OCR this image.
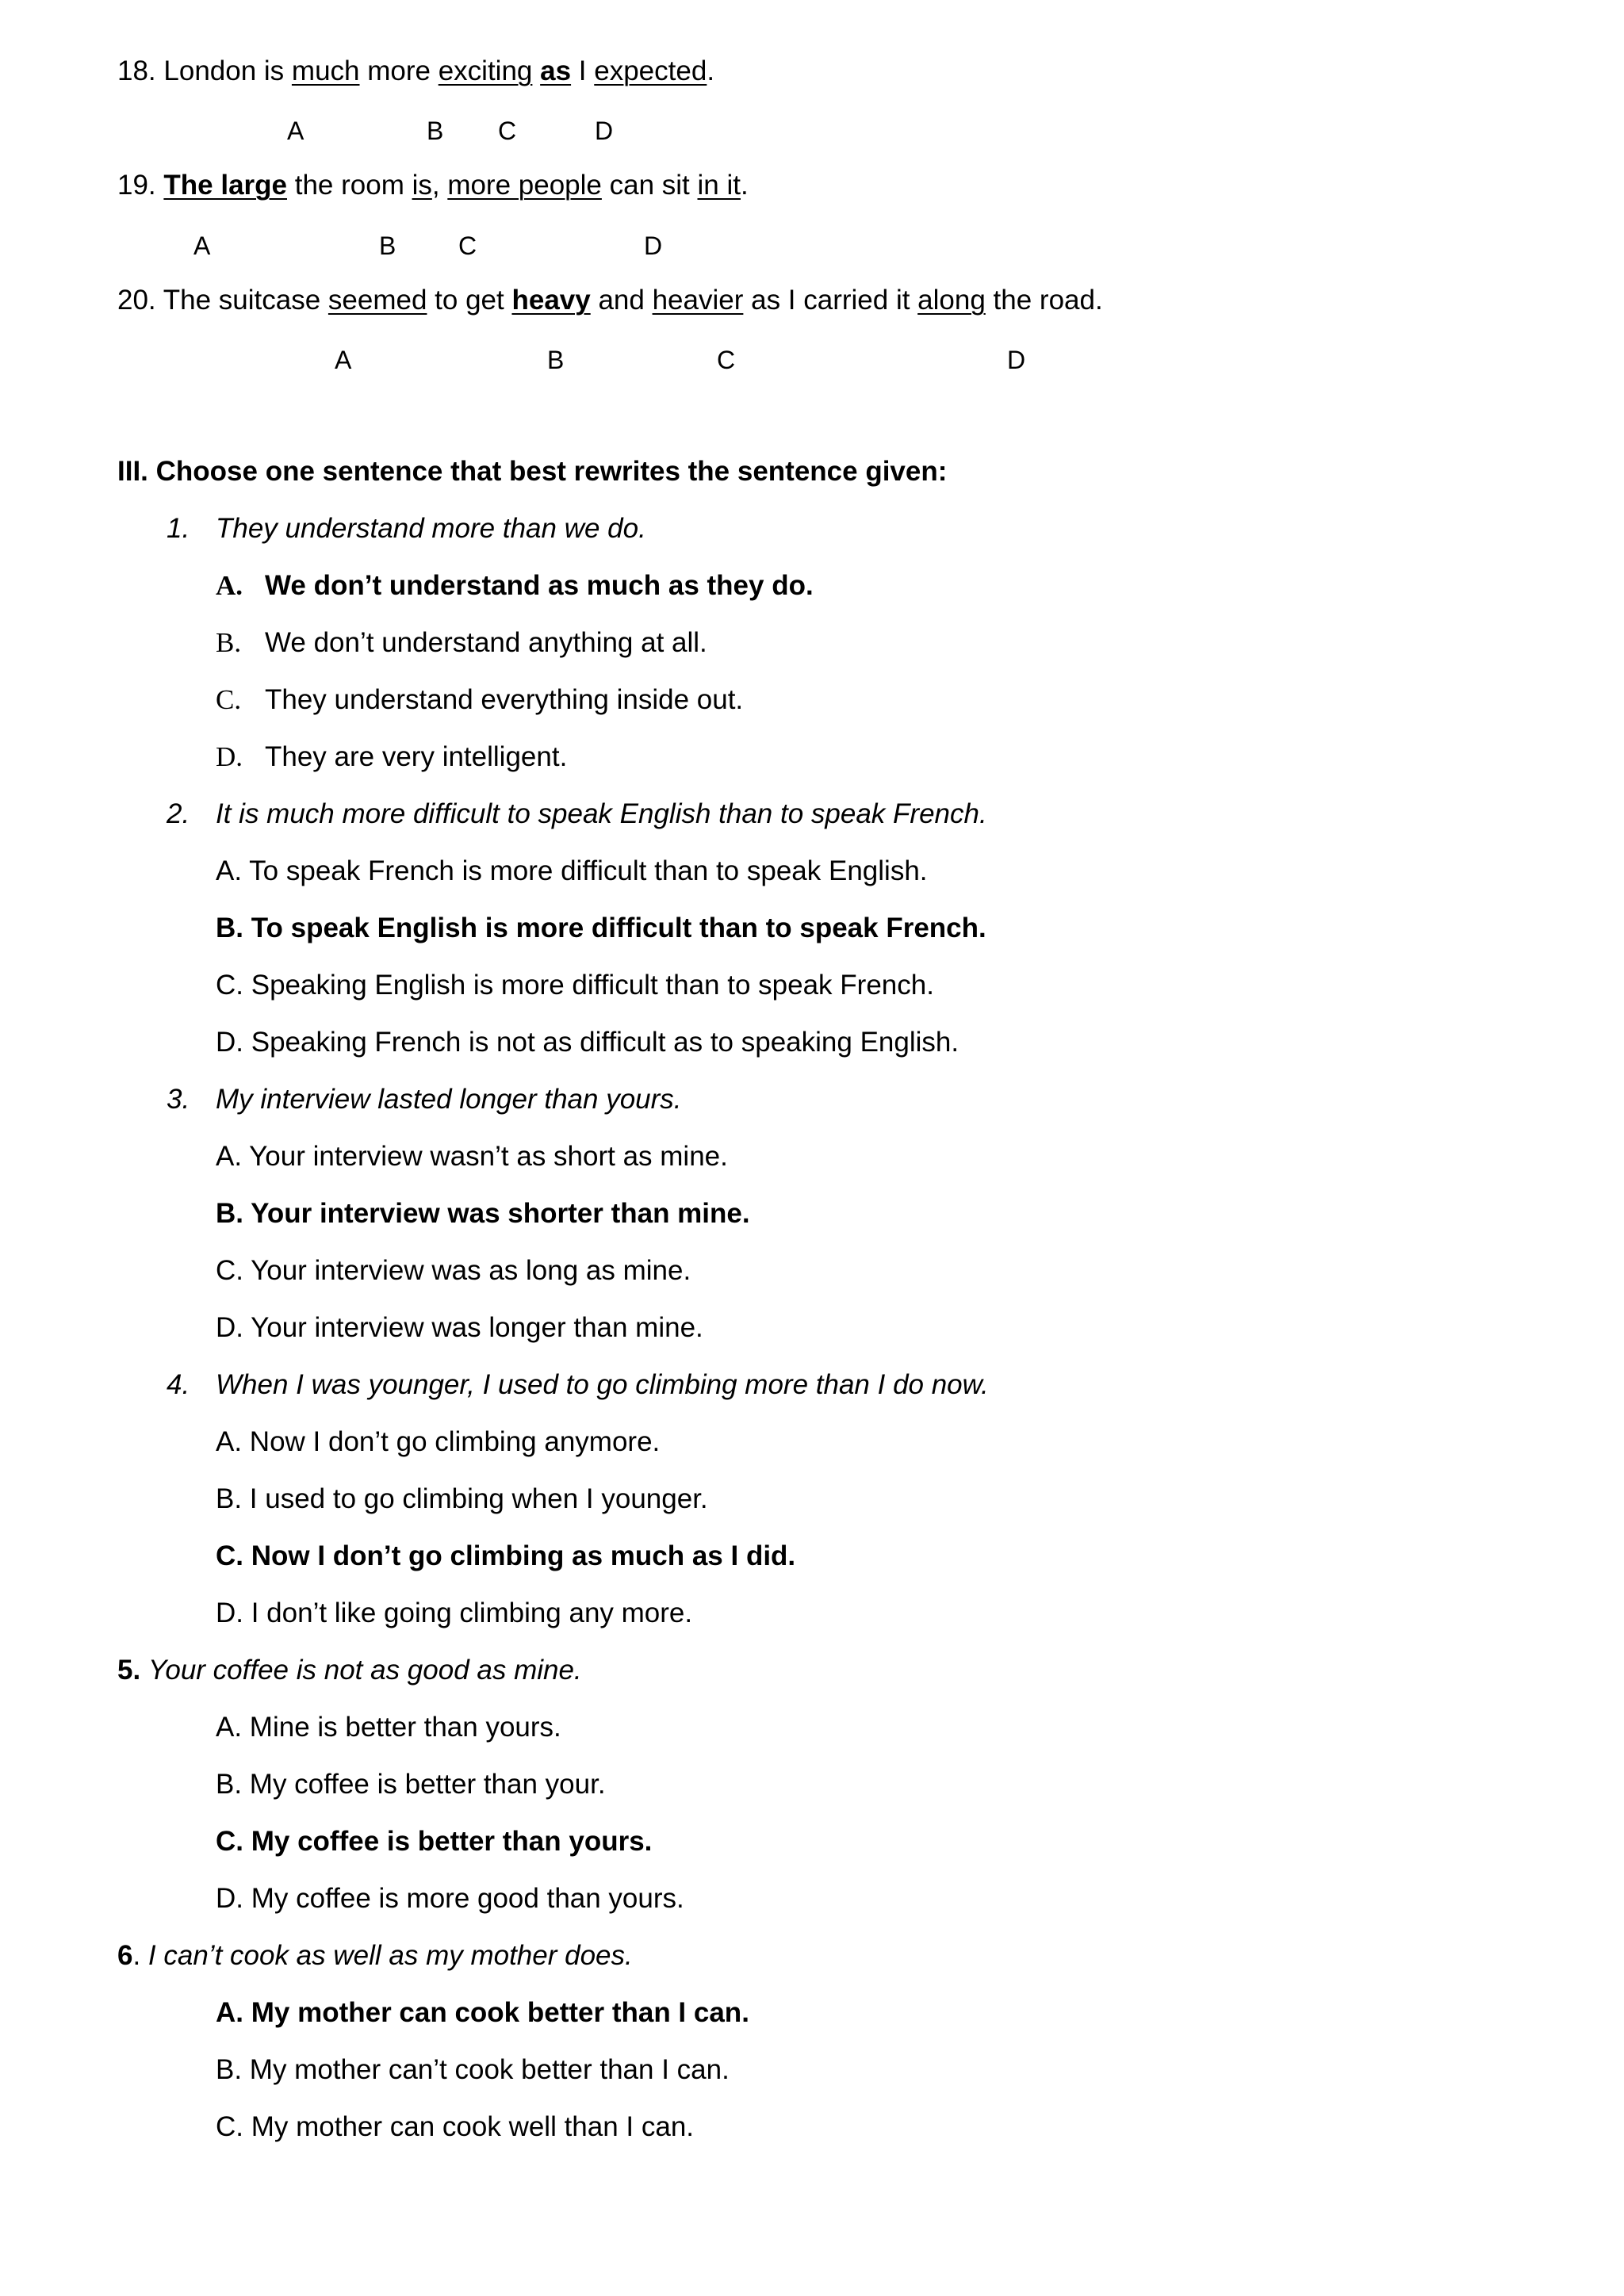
18. London is much more exciting as I expected.
A	B C	D
19. The large the room is, more people can sit in it.
A	B C	D
20. The suitcase seemed to get heavy and heavier as I carried it along the road.
A	B	C	D
III. Choose one sentence that best rewrites the sentence given:
1. They understand more than we do.
A. We don’t understand as much as they do.
B. We don’t understand anything at all.
C. They understand everything inside out.
D. They are very intelligent.
2. It is much more difficult to speak English than to speak French.
A. To speak French is more difficult than to speak English.
B. To speak English is more difficult than to speak French.
C. Speaking English is more difficult than to speak French.
D. Speaking French is not as difficult as to speaking English.
3. My interview lasted longer than yours.
A. Your interview wasn’t as short as mine.
B. Your interview was shorter than mine.
C. Your interview was as long as mine.
D. Your interview was longer than mine.
4. When I was younger, I used to go climbing more than I do now.
A. Now I don’t go climbing anymore.
B. I used to go climbing when I younger.
C. Now I don’t go climbing as much as I did.
D. I don’t like going climbing any more.
5. Your coffee is not as good as mine.
A. Mine is better than yours.
B. My coffee is better than your.
C. My coffee is better than yours.
D. My coffee is more good than yours.
6. I can’t cook as well as my mother does.
A. My mother can cook better than I can.
B. My mother can’t cook better than I can.
C. My mother can cook well than I can.
